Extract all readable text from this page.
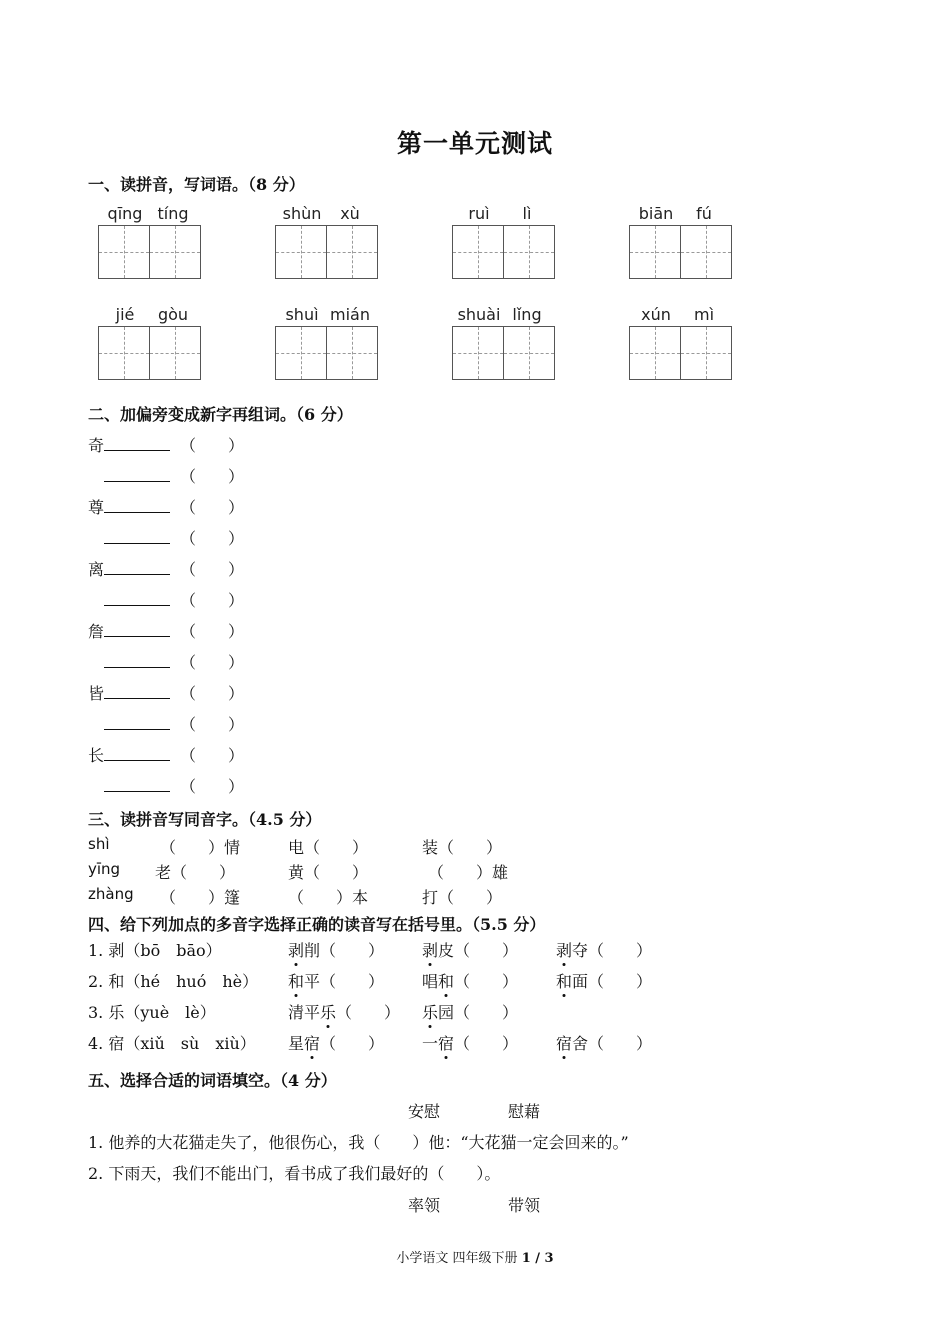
第一单元测试
一、读拼音，写词语。（8 分）
二、加偏旁变成新字再组词。（6 分）
三、读拼音写同音字。（4.5 分）
四、给下列加点的多音字选择正确的读音写在括号里。（5.5 分）
五、选择合适的词语填空。（4 分）
安慰	慰藉
1. 他养的大花猫走失了，他很伤心，我（　　）他：“大花猫一定会回来的。”
2. 下雨天，我们不能出门，看书成了我们最好的（　　）。
率领	带领
小学语文 四年级下册 1 / 3
qīng tíng	shùn	xù	ruì	lì	biān	fú
jié	gòu	shuì mián	shuài lǐng	xún	mì
奇	（　　）
（　　）
尊	（　　）
（　　）
离	（　　）
（　　）
詹	（　　）
（　　）
皆	（　　）
（　　）
长	（　　）
（　　）
shì	（　　）情	电（　　）	装（　　）
yīng 老（　　）	黄（　　）	（　　）雄
zhàng （　　）篷	（　　）本	打（　　）
1. 剥（bō　bāo）	剥削（　　） 剥皮（　　） 剥夺（　　）
2. 和（hé　huó　hè） 和平（　　） 唱和（　　） 和面（　　）
3. 乐（yuè　lè）	清平乐（　　） 乐园（　　）
4. 宿（xiǔ　sù　xiù） 星宿（　　） 一宿（　　） 宿舍（　　）
